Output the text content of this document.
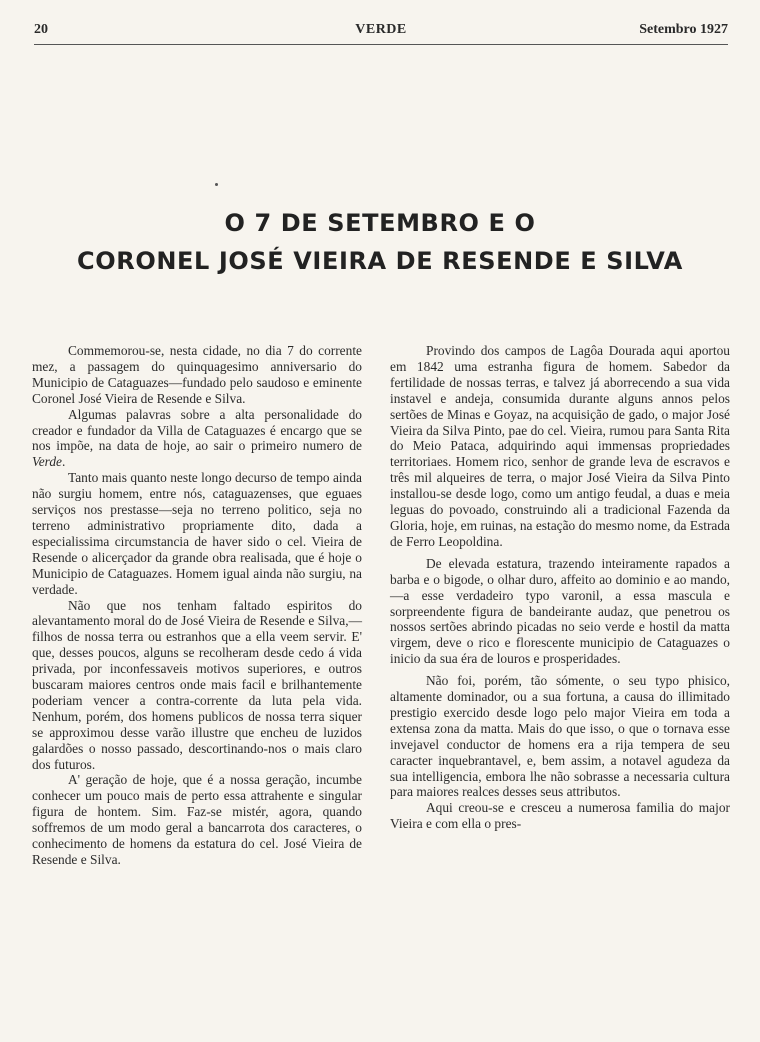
20	VERDE	Setembro 1927
O 7 DE SETEMBRO E O
CORONEL JOSÉ VIEIRA DE RESENDE E SILVA

Commemorou-se, nesta cidade, no dia 7 do corrente mez, a passagem do quinquagesimo anniversario do Municipio de Cataguazes—fundado pelo saudoso e eminente Coronel José Vieira de Resende e Silva.

Algumas palavras sobre a alta personalidade do creador e fundador da Villa de Cataguazes é encargo que se nos impõe, na data de hoje, ao sair o primeiro numero de Verde.

Tanto mais quanto neste longo decurso de tempo ainda não surgiu homem, entre nós, cataguazenses, que eguaes serviços nos prestasse—seja no terreno politico, seja no terreno administrativo propriamente dito, dada a especialissima circumstancia de haver sido o cel. Vieira de Resende o alicerçador da grande obra realisada, que é hoje o Municipio de Cataguazes. Homem igual ainda não surgiu, na verdade.

Não que nos tenham faltado espiritos do alevantamento moral do de José Vieira de Resende e Silva,—filhos de nossa terra ou estranhos que a ella veem servir. E' que, desses poucos, alguns se recolheram desde cedo á vida privada, por inconfessaveis motivos superiores, e outros buscaram maiores centros onde mais facil e brilhantemente poderiam vencer a contra-corrente da luta pela vida. Nenhum, porém, dos homens publicos de nossa terra siquer se approximou desse varão illustre que encheu de luzidos galardões o nosso passado, descortinando-nos o mais claro dos futuros.

A' geração de hoje, que é a nossa geração, incumbe conhecer um pouco mais de perto essa attrahente e singular figura de hontem. Sim. Faz-se mistér, agora, quando soffremos de um modo geral a bancarrota dos caracteres, o conhecimento de homens da estatura do cel. José Vieira de Resende e Silva.

Provindo dos campos de Lagôa Dourada aqui aportou em 1842 uma estranha figura de homem. Sabedor da fertilidade de nossas terras, e talvez já aborrecendo a sua vida instavel e andeja, consumida durante alguns annos pelos sertões de Minas e Goyaz, na acquisição de gado, o major José Vieira da Silva Pinto, pae do cel. Vieira, rumou para Santa Rita do Meio Pataca, adquirindo aqui immensas propriedades territoriaes. Homem rico, senhor de grande leva de escravos e três mil alqueires de terra, o major José Vieira da Silva Pinto installou-se desde logo, como um antigo feudal, a duas e meia leguas do povoado, construindo ali a tradicional Fazenda da Gloria, hoje, em ruinas, na estação do mesmo nome, da Estrada de Ferro Leopoldina.

De elevada estatura, trazendo inteiramente rapados a barba e o bigode, o olhar duro, affeito ao dominio e ao mando,—a esse verdadeiro typo varonil, a essa mascula e sorpreendente figura de bandeirante audaz, que penetrou os nossos sertões abrindo picadas no seio verde e hostil da matta virgem, deve o rico e florescente municipio de Cataguazes o inicio da sua éra de louros e prosperidades.

Não foi, porém, tão sómente, o seu typo phisico, altamente dominador, ou a sua fortuna, a causa do illimitado prestigio exercido desde logo pelo major Vieira em toda a extensa zona da matta. Mais do que isso, o que o tornava esse invejavel conductor de homens era a rija tempera de seu caracter inquebrantavel, e, bem assim, a notavel agudeza da sua intelligencia, embora lhe não sobrasse a necessaria cultura para maiores realces desses seus attributos.

Aqui creou-se e cresceu a numerosa familia do major Vieira e com ella o pres-
